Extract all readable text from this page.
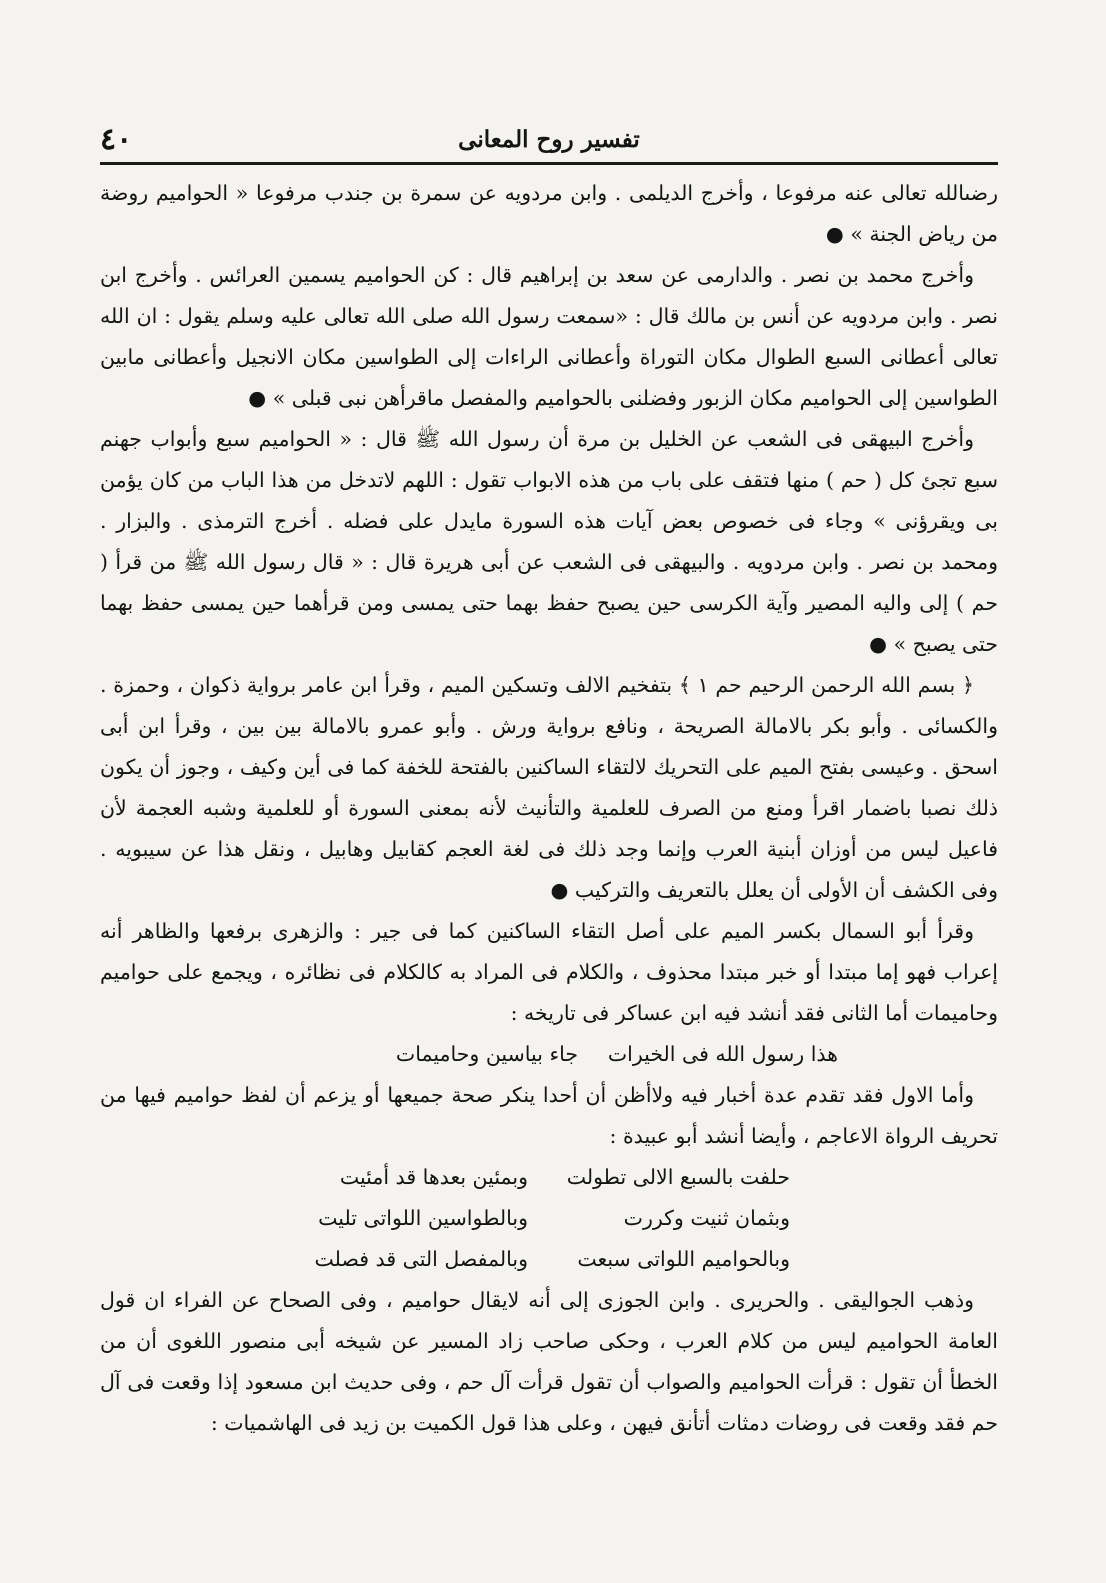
٤٠	تفسير روح المعانى

رضىالله تعالى عنه مرفوعا ، وأخرج الديلمى . وابن مردويه عن سمرة بن جندب مرفوعا « الحواميم روضة من رياض الجنة » ●

وأخرج محمد بن نصر . والدارمى عن سعد بن إبراهيم قال : كن الحواميم يسمين العرائس . وأخرج ابن نصر . وابن مردويه عن أنس بن مالك قال : «سمعت رسول الله صلى الله تعالى عليه وسلم يقول : ان الله تعالى أعطانى السبع الطوال مكان التوراة وأعطانى الراءات إلى الطواسين مكان الانجيل وأعطانى مابين الطواسين إلى الحواميم مكان الزبور وفضلنى بالحواميم والمفصل ماقرأهن نبى قبلى » ●

وأخرج البيهقى فى الشعب عن الخليل بن مرة أن رسول الله ﷺ قال : « الحواميم سبع وأبواب جهنم سبع تجئ كل ( حم ) منها فتقف على باب من هذه الابواب تقول : اللهم لاتدخل من هذا الباب من كان يؤمن بى ويقرؤنى » وجاء فى خصوص بعض آيات هذه السورة مايدل على فضله . أخرج الترمذى . والبزار . ومحمد بن نصر . وابن مردويه . والبيهقى فى الشعب عن أبى هريرة قال : « قال رسول الله ﷺ من قرأ ( حم ) إلى واليه المصير وآية الكرسى حين يصبح حفظ بهما حتى يمسى ومن قرأهما حين يمسى حفظ بهما حتى يصبح » ●

﴿ بسم الله الرحمن الرحيم حم ١ ﴾ بتفخيم الالف وتسكين الميم ، وقرأ ابن عامر برواية ذكوان ، وحمزة . والكسائى . وأبو بكر بالامالة الصريحة ، ونافع برواية ورش . وأبو عمرو بالامالة بين بين ، وقرأ ابن أبى اسحق . وعيسى بفتح الميم على التحريك لالتقاء الساكنين بالفتحة للخفة كما فى أين وكيف ، وجوز أن يكون ذلك نصبا باضمار اقرأ ومنع من الصرف للعلمية والتأنيث لأنه بمعنى السورة أو للعلمية وشبه العجمة لأن فاعيل ليس من أوزان أبنية العرب وإنما وجد ذلك فى لغة العجم كقابيل وهابيل ، ونقل هذا عن سيبويه . وفى الكشف أن الأولى أن يعلل بالتعريف والتركيب ●

وقرأ أبو السمال بكسر الميم على أصل التقاء الساكنين كما فى جير : والزهرى برفعها والظاهر أنه إعراب فهو إما مبتدا أو خبر مبتدا محذوف ، والكلام فى المراد به كالكلام فى نظائره ، ويجمع على حواميم وحاميمات أما الثانى فقد أنشد فيه ابن عساكر فى تاريخه :

هذا رسول الله فى الخيرات
جاء بياسين وحاميمات

وأما الاول فقد تقدم عدة أخبار فيه ولاأظن أن أحدا ينكر صحة جميعها أو يزعم أن لفظ حواميم فيها من تحريف الرواة الاعاجم ، وأيضا أنشد أبو عبيدة :

حلفت بالسبع الالى تطولت
وبمئين بعدها قد أمئيت
وبثمان ثنيت وكررت
وبالطواسين اللواتى تليت
وبالحواميم اللواتى سبعت
وبالمفصل التى قد فصلت

وذهب الجواليقى . والحريرى . وابن الجوزى إلى أنه لايقال حواميم ، وفى الصحاح عن الفراء ان قول العامة الحواميم ليس من كلام العرب ، وحكى صاحب زاد المسير عن شيخه أبى منصور اللغوى أن من الخطأ أن تقول : قرأت الحواميم والصواب أن تقول قرأت آل حم ، وفى حديث ابن مسعود إذا وقعت فى آل حم فقد وقعت فى روضات دمثات أتأنق فيهن ، وعلى هذا قول الكميت بن زيد فى الهاشميات :
